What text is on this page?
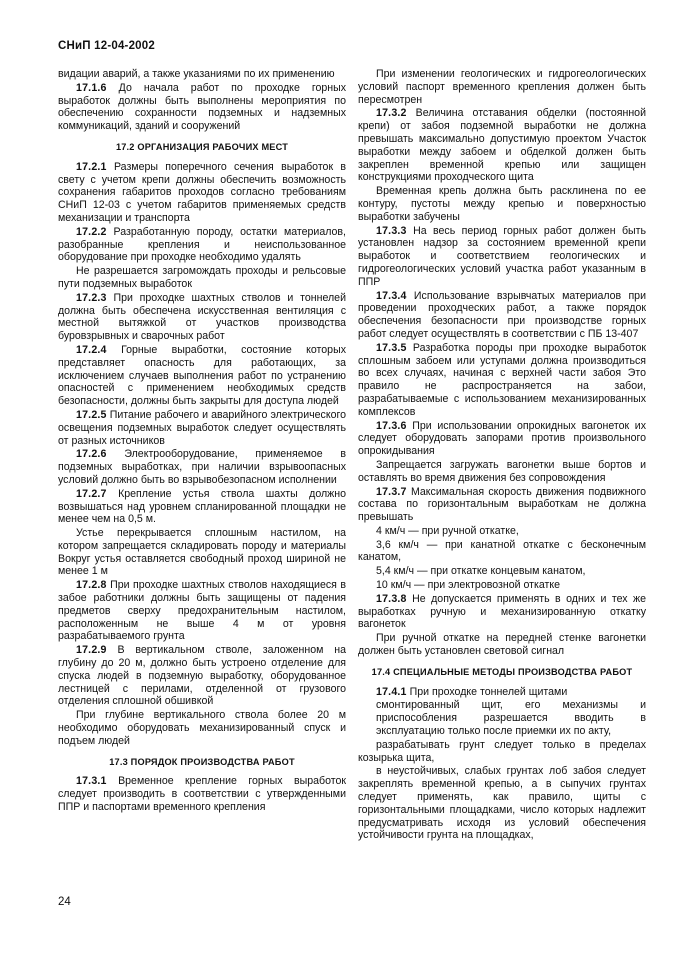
СНиП 12-04-2002

видации аварий, а также указаниями по их применению

17.1.6 До начала работ по проходке горных выработок должны быть выполнены мероприятия по обеспечению сохранности подземных и надземных коммуникаций, зданий и сооружений

17.2 ОРГАНИЗАЦИЯ РАБОЧИХ МЕСТ

17.2.1 Размеры поперечного сечения выработок в свету с учетом крепи должны обеспечить возможность сохранения габаритов проходов согласно требованиям СНиП 12-03 с учетом габаритов применяемых средств механизации и транспорта

17.2.2 Разработанную породу, остатки материалов, разобранные крепления и неиспользованное оборудование при проходке необходимо удалять

Не разрешается загромождать проходы и рельсовые пути подземных выработок

17.2.3 При проходке шахтных стволов и тоннелей должна быть обеспечена искусственная вентиляция с местной вытяжкой от участков производства буровзрывных и сварочных работ

17.2.4 Горные выработки, состояние которых представляет опасность для работающих, за исключением случаев выполнения работ по устранению опасностей с применением необходимых средств безопасности, должны быть закрыты для доступа людей

17.2.5 Питание рабочего и аварийного электрического освещения подземных выработок следует осуществлять от разных источников

17.2.6 Электрооборудование, применяемое в подземных выработках, при наличии взрывоопасных условий должно быть во взрывобезопасном исполнении

17.2.7 Крепление устья ствола шахты должно возвышаться над уровнем спланированной площадки не менее чем на 0,5 м.

Устье перекрывается сплошным настилом, на котором запрещается складировать породу и материалы Вокруг устья оставляется свободный проход шириной не менее 1 м

17.2.8 При проходке шахтных стволов находящиеся в забое работники должны быть защищены от падения предметов сверху предохранительным настилом, расположенным не выше 4 м от уровня разрабатываемого грунта

17.2.9 В вертикальном стволе, заложенном на глубину до 20 м, должно быть устроено отделение для спуска людей в подземную выработку, оборудованное лестницей с перилами, отделенной от грузового отделения сплошной обшивкой

При глубине вертикального ствола более 20 м необходимо оборудовать механизированный спуск и подъем людей

17.3 ПОРЯДОК ПРОИЗВОДСТВА РАБОТ

17.3.1 Временное крепление горных выработок следует производить в соответствии с утвержденными ППР и паспортами временного крепления

При изменении геологических и гидрогеологических условий паспорт временного крепления должен быть пересмотрен

17.3.2 Величина отставания обделки (постоянной крепи) от забоя подземной выработки не должна превышать максимально допустимую проектом Участок выработки между забоем и обделкой должен быть закреплен временной крепью или защищен конструкциями проходческого щита

Временная крепь должна быть расклинена по ее контуру, пустоты между крепью и поверхностью выработки забучены

17.3.3 На весь период горных работ должен быть установлен надзор за состоянием временной крепи выработок и соответствием геологических и гидрогеологических условий участка работ указанным в ППР

17.3.4 Использование взрывчатых материалов при проведении проходческих работ, а также порядок обеспечения безопасности при производстве горных работ следует осуществлять в соответствии с ПБ 13-407

17.3.5 Разработка породы при проходке выработок сплошным забоем или уступами должна производиться во всех случаях, начиная с верхней части забоя Это правило не распространяется на забои, разрабатываемые с использованием механизированных комплексов

17.3.6 При использовании опрокидных вагонеток их следует оборудовать запорами против произвольного опрокидывания

Запрещается загружать вагонетки выше бортов и оставлять во время движения без сопровождения

17.3.7 Максимальная скорость движения подвижного состава по горизонтальным выработкам не должна превышать

4 км/ч — при ручной откатке,

3,6 км/ч — при канатной откатке с бесконечным канатом,

5,4 км/ч — при откатке концевым канатом,

10 км/ч — при электровозной откатке

17.3.8 Не допускается применять в одних и тех же выработках ручную и механизированную откатку вагонеток

При ручной откатке на передней стенке вагонетки должен быть установлен световой сигнал

17.4 СПЕЦИАЛЬНЫЕ МЕТОДЫ ПРОИЗВОДСТВА РАБОТ

17.4.1 При проходке тоннелей щитами

смонтированный щит, его механизмы и приспособления разрешается вводить в эксплуатацию только после приемки их по акту,

разрабатывать грунт следует только в пределах козырька щита,

в неустойчивых, слабых грунтах лоб забоя следует закреплять временной крепью, а в сыпучих грунтах следует применять, как правило, щиты с горизонтальными площадками, число которых надлежит предусматривать исходя из условий обеспечения устойчивости грунта на площадках,

24
